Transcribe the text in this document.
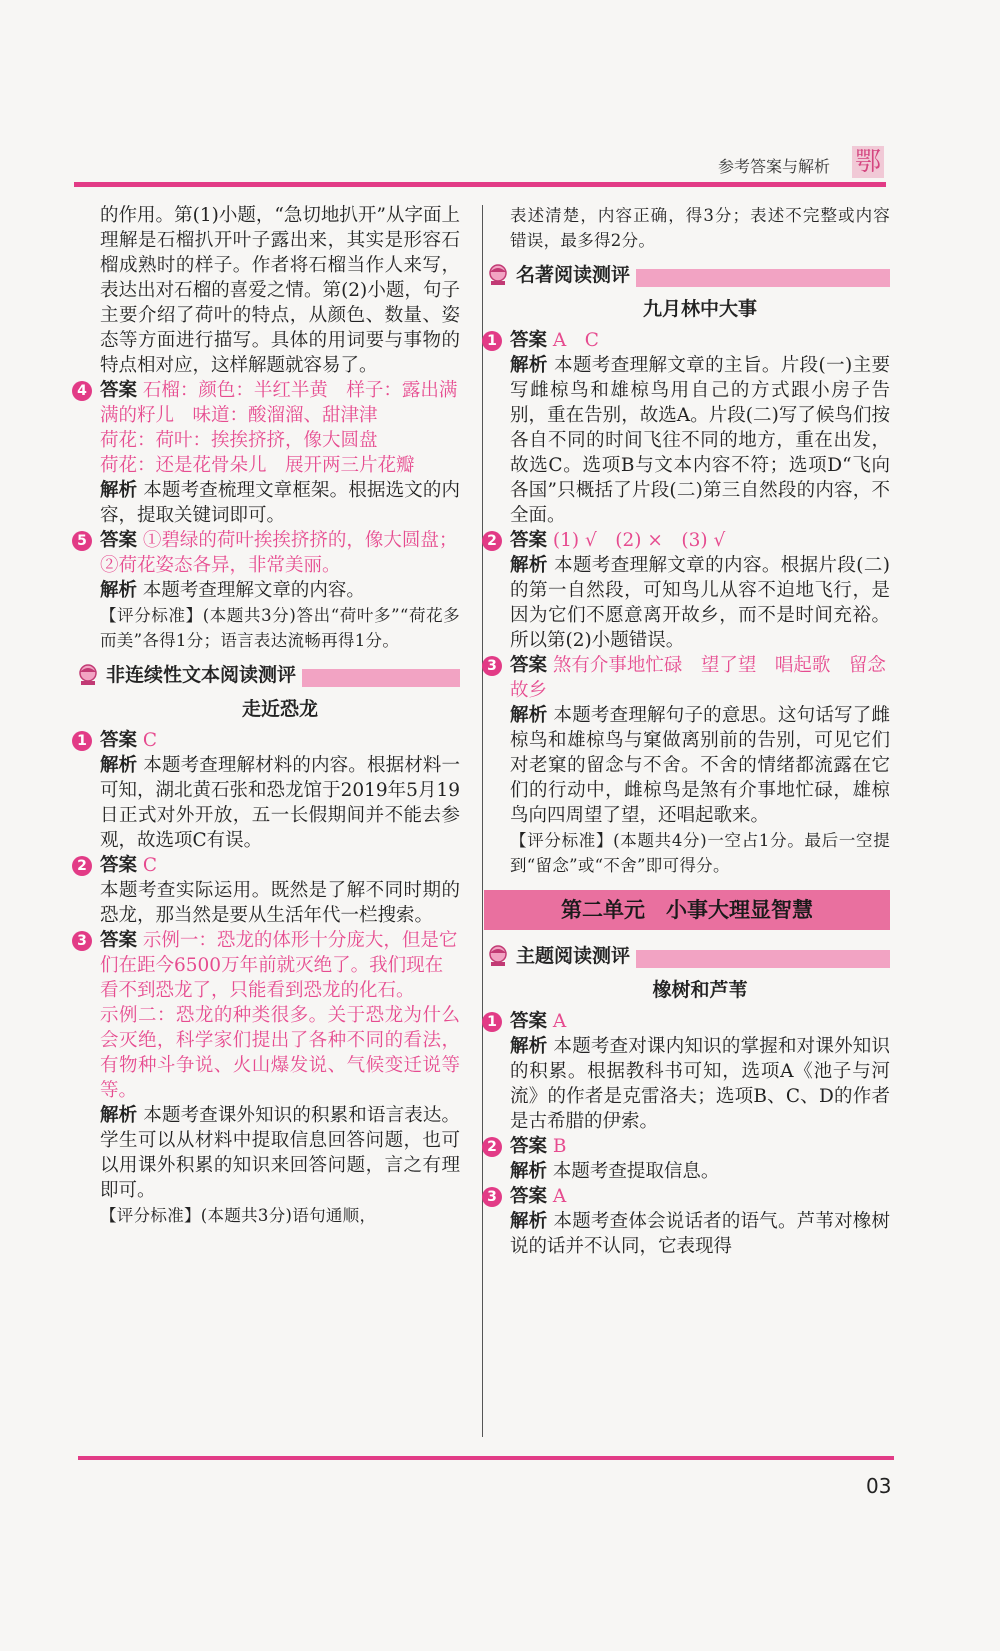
参考答案与解析 鄂

的作用。第(1)小题，“急切地扒开”从字面上理解是石榴扒开叶子露出来，其实是形容石榴成熟时的样子。作者将石榴当作人来写，表达出对石榴的喜爱之情。第(2)小题，句子主要介绍了荷叶的特点，从颜色、数量、姿态等方面进行描写。具体的用词要与事物的特点相对应，这样解题就容易了。

4 答案 石榴：颜色：半红半黄　样子：露出满满的籽儿　味道：酸溜溜、甜津津

荷花：荷叶：挨挨挤挤，像大圆盘

荷花：还是花骨朵儿　展开两三片花瓣

解析 本题考查梳理文章框架。根据选文的内容，提取关键词即可。

5 答案 ①碧绿的荷叶挨挨挤挤的，像大圆盘；②荷花姿态各异，非常美丽。

解析 本题考查理解文章的内容。

【评分标准】(本题共3分)答出“荷叶多”“荷花多而美”各得1分；语言表达流畅再得1分。

非连续性文本阅读测评
走近恐龙
1 答案 C

解析 本题考查理解材料的内容。根据材料一可知，湖北黄石张和恐龙馆于2019年5月19日正式对外开放，五一长假期间并不能去参观，故选项C有误。

2 答案 C

本题考查实际运用。既然是了解不同时期的恐龙，那当然是要从生活年代一栏搜索。

3 答案 示例一：恐龙的体形十分庞大，但是它们在距今6500万年前就灭绝了。我们现在看不到恐龙了，只能看到恐龙的化石。

示例二：恐龙的种类很多。关于恐龙为什么会灭绝，科学家们提出了各种不同的看法，有物种斗争说、火山爆发说、气候变迁说等等。

解析 本题考查课外知识的积累和语言表达。学生可以从材料中提取信息回答问题，也可以用课外积累的知识来回答问题，言之有理即可。

【评分标准】(本题共3分)语句通顺，

表述清楚，内容正确，得3分；表述不完整或内容错误，最多得2分。

名著阅读测评
九月林中大事
1 答案 A　C

解析 本题考查理解文章的主旨。片段(一)主要写雌椋鸟和雄椋鸟用自己的方式跟小房子告别，重在告别，故选A。片段(二)写了候鸟们按各自不同的时间飞往不同的地方，重在出发，故选C。选项B与文本内容不符；选项D“飞向各国”只概括了片段(二)第三自然段的内容，不全面。

2 答案 (1) √　(2) ×　(3) √

解析 本题考查理解文章的内容。根据片段(二)的第一自然段，可知鸟儿从容不迫地飞行，是因为它们不愿意离开故乡，而不是时间充裕。所以第(2)小题错误。

3 答案 煞有介事地忙碌　望了望　唱起歌　留念故乡

解析 本题考查理解句子的意思。这句话写了雌椋鸟和雄椋鸟与窠做离别前的告别，可见它们对老窠的留念与不舍。不舍的情绪都流露在它们的行动中，雌椋鸟是煞有介事地忙碌，雄椋鸟向四周望了望，还唱起歌来。

【评分标准】(本题共4分)一空占1分。最后一空提到“留念”或“不舍”即可得分。

第二单元　小事大理显智慧
主题阅读测评
橡树和芦苇
1 答案 A

解析 本题考查对课内知识的掌握和对课外知识的积累。根据教科书可知，选项A《池子与河流》的作者是克雷洛夫；选项B、C、D的作者是古希腊的伊索。

2 答案 B

解析 本题考查提取信息。

3 答案 A

解析 本题考查体会说话者的语气。芦苇对橡树说的话并不认同，它表现得

03
